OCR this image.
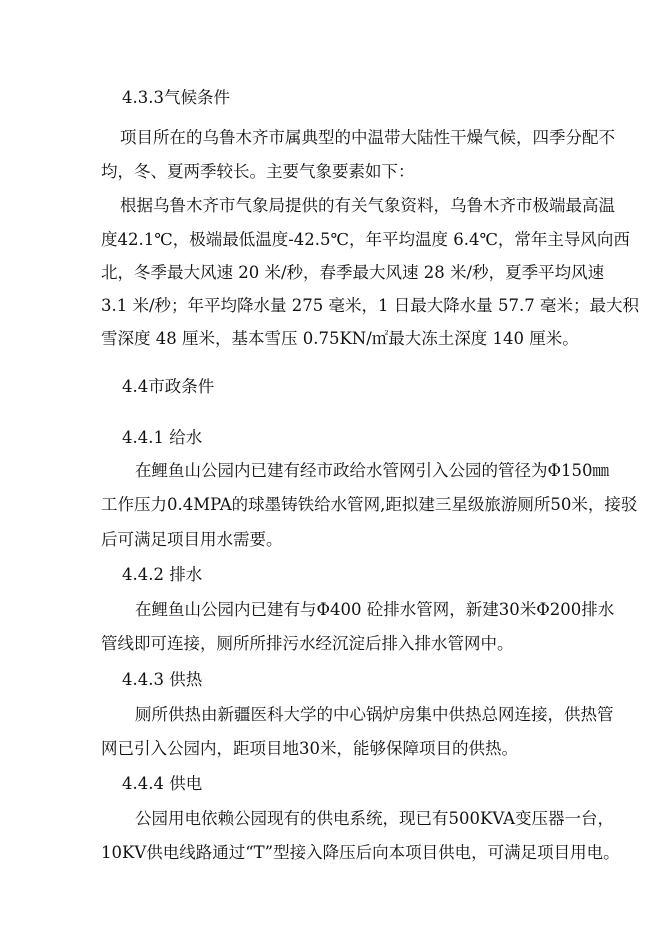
4.3.3气候条件
项目所在的乌鲁木齐市属典型的中温带大陆性干燥气候，四季分配不
均，冬、夏两季较长。主要气象要素如下：
根据乌鲁木齐市气象局提供的有关气象资料，乌鲁木齐市极端最高温
度42.1℃，极端最低温度-42.5℃，年平均温度 6.4℃，常年主导风向西
北，冬季最大风速 20 米/秒，春季最大风速 28 米/秒，夏季平均风速
3.1 米/秒；年平均降水量 275 毫米，1 日最大降水量 57.7 毫米；最大积
雪深度 48 厘米，基本雪压 0.75KN/㎡最大冻土深度 140 厘米。
4.4市政条件
4.4.1 给水
在鲤鱼山公园内已建有经市政给水管网引入公园的管径为Φ150㎜
工作压力0.4MPA的球墨铸铁给水管网,距拟建三星级旅游厕所50米，接驳
后可满足项目用水需要。
4.4.2 排水
在鲤鱼山公园内已建有与Φ400 砼排水管网，新建30米Φ200排水
管线即可连接，厕所所排污水经沉淀后排入排水管网中。
4.4.3 供热
厕所供热由新疆医科大学的中心锅炉房集中供热总网连接，供热管
网已引入公园内，距项目地30米，能够保障项目的供热。
4.4.4 供电
公园用电依赖公园现有的供电系统，现已有500KVA变压器一台，
10KV供电线路通过“T”型接入降压后向本项目供电，可满足项目用电。
